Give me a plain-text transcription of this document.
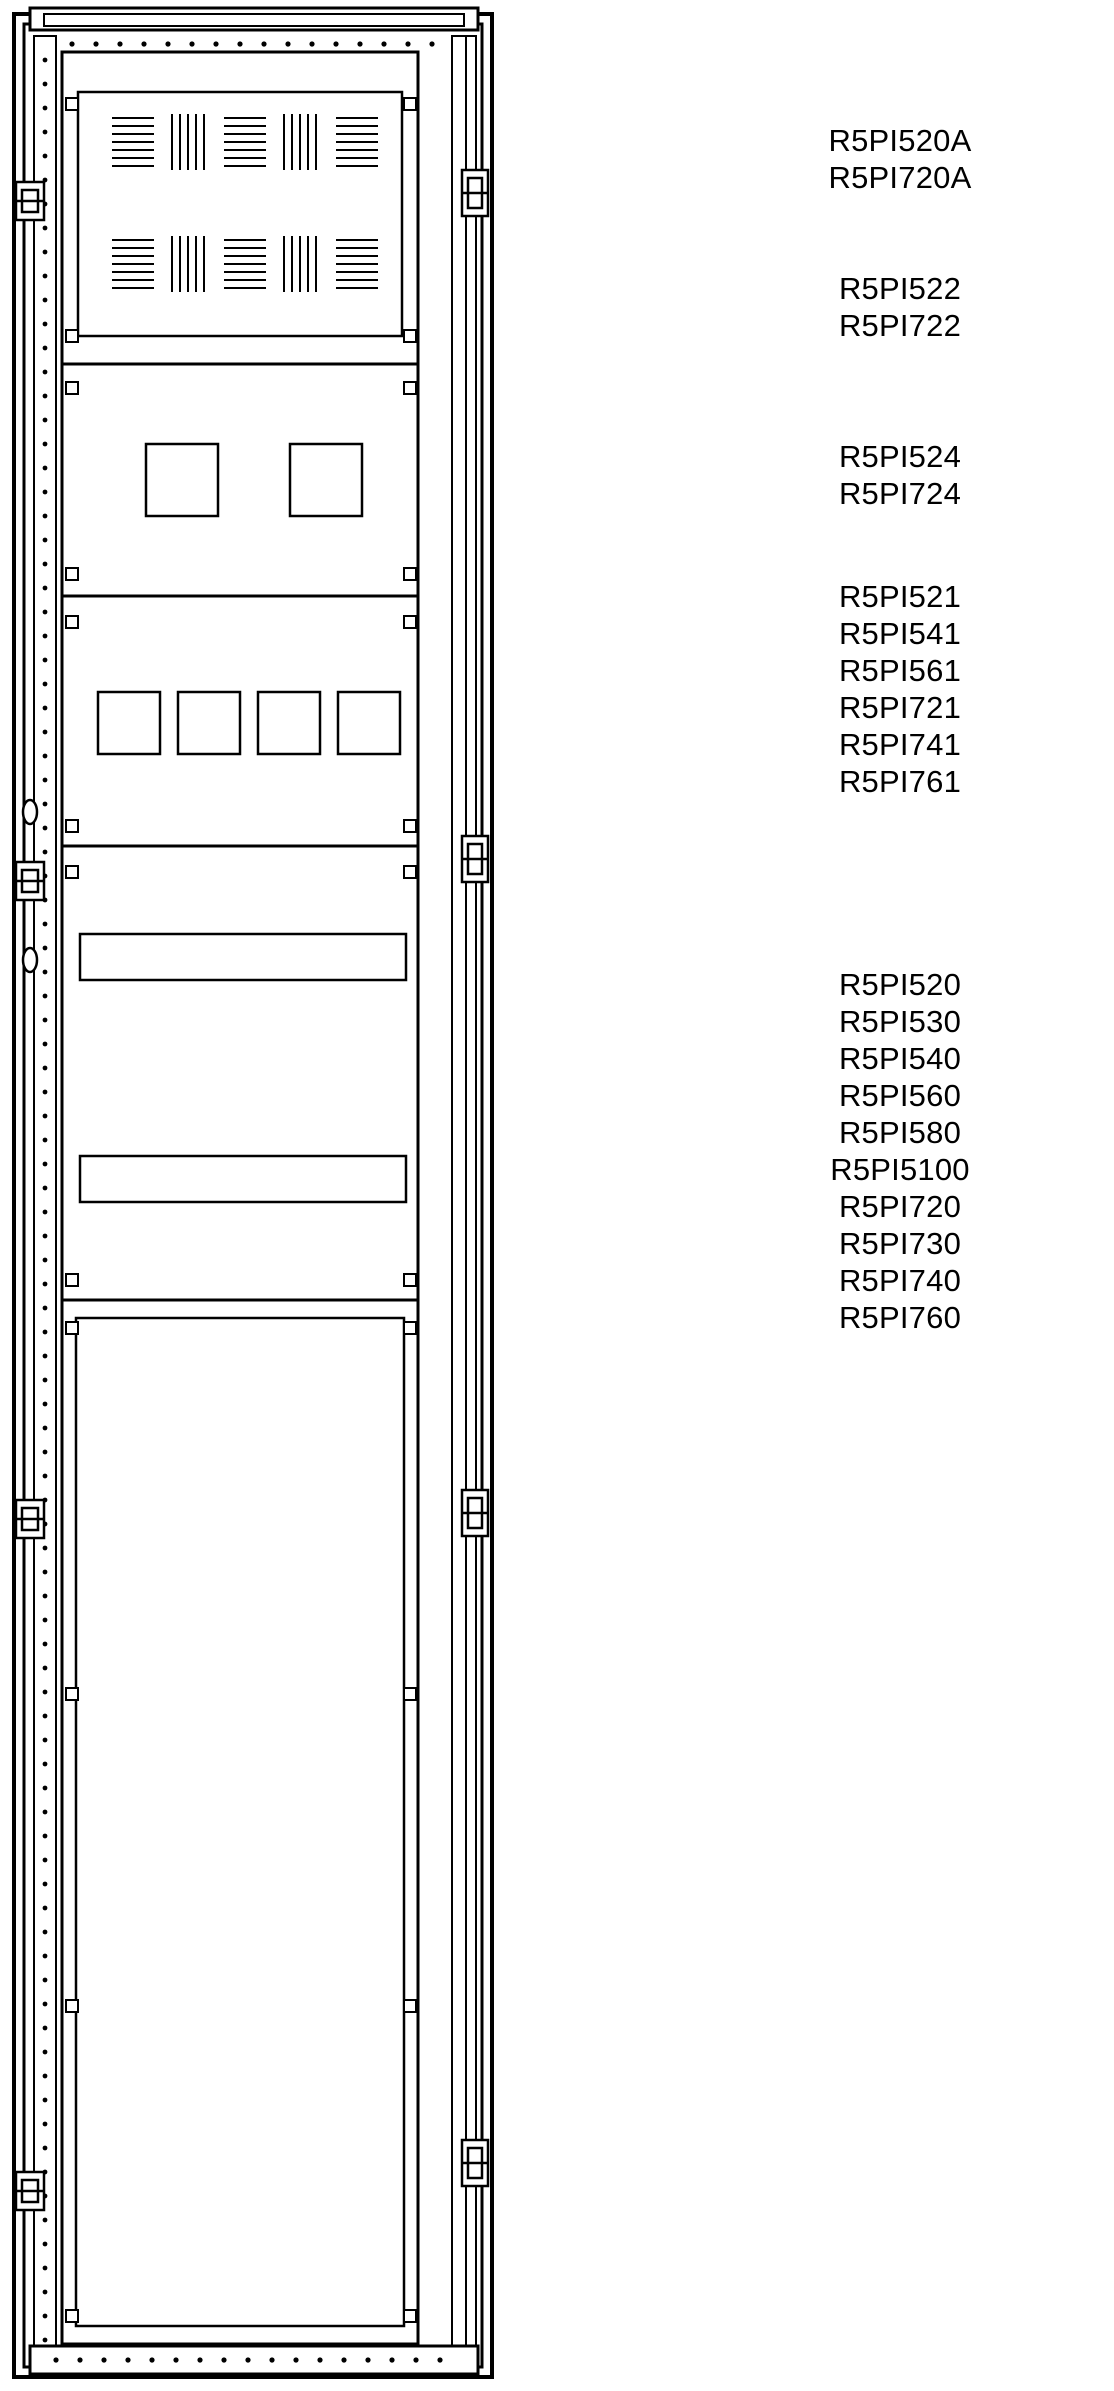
R5PI520A
R5PI720A
R5PI522
R5PI722
R5PI524
R5PI724
R5PI521
R5PI541
R5PI561
R5PI721
R5PI741
R5PI761
R5PI520
R5PI530
R5PI540
R5PI560
R5PI580
R5PI5100
R5PI720
R5PI730
R5PI740
R5PI760
